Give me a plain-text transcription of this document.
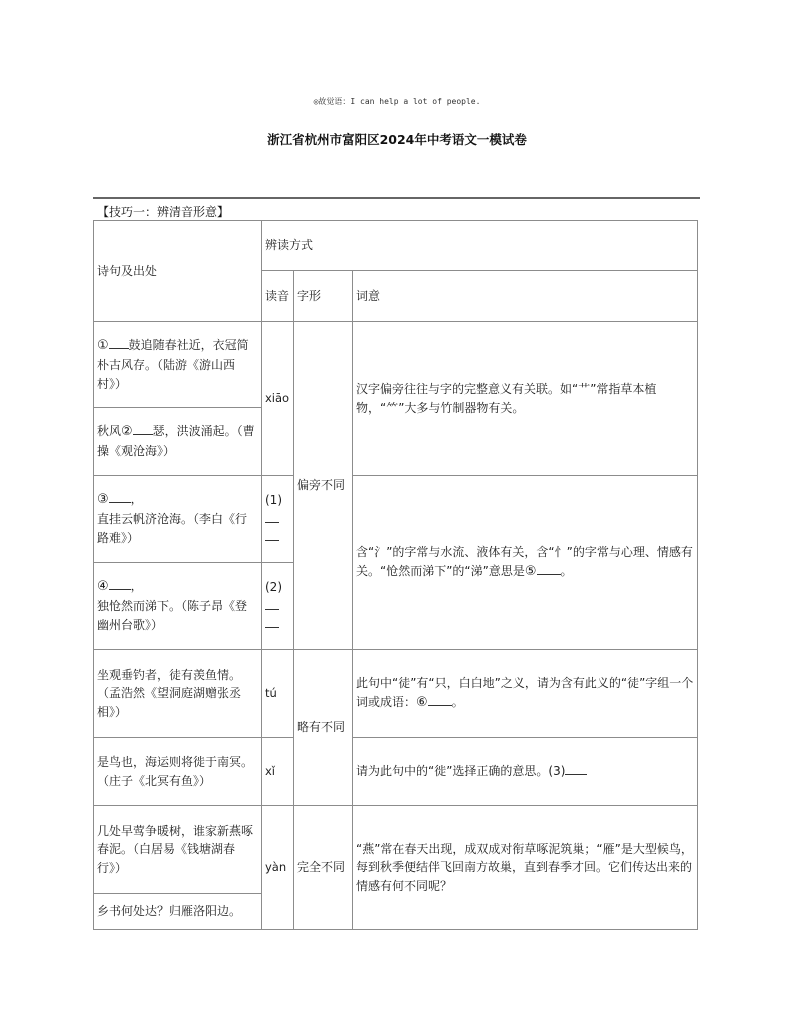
◎故觉语：I can help a lot of people.
浙江省杭州市富阳区2024年中考语文一模试卷
【技巧一：辨清音形意】
诗句及出处	辨读方式		
	读音	字形	词意
① 鼓追随春社近，衣冠简朴古风存。（陆游《游山西村》）	xiāo	偏旁不同	汉字偏旁往往与字的完整意义有关联。如“艹”常指草本植物，“⺮”大多与竹制器物有关。
秋风② 瑟，洪波涌起。（曹操《观沧海》）			
③ ，
直挂云帆济沧海。（李白《行路难》）	(1)		含“氵”的字常与水流、液体有关，含“忄”的字常与心理、情感有关。“怆然而涕下”的“涕”意思是⑤ 。
④ ，
独怆然而涕下。（陈子昂《登幽州台歌》）	(2)		

坐观垂钓者，徒有羡鱼情。（孟浩然《望洞庭湖赠张丞相》）	tú	略有不同	此句中“徒”有“只，白白地”之义，请为含有此义的“徒”字组一个词或成语：⑥ 。
是鸟也，海运则将徙于南冥。（庄子《北冥有鱼》）	xǐ		请为此句中的“徙”选择正确的意思。(3)
几处早莺争暖树，谁家新燕啄春泥。（白居易《钱塘湖春行》）	yàn	完全不同	“燕”常在春天出现，成双成对衔草啄泥筑巢；“雁”是大型候鸟，每到秋季便结伴飞回南方故巢，直到春季才回。它们传达出来的情感有何不同呢？
乡书何处达？归雁洛阳边。			
